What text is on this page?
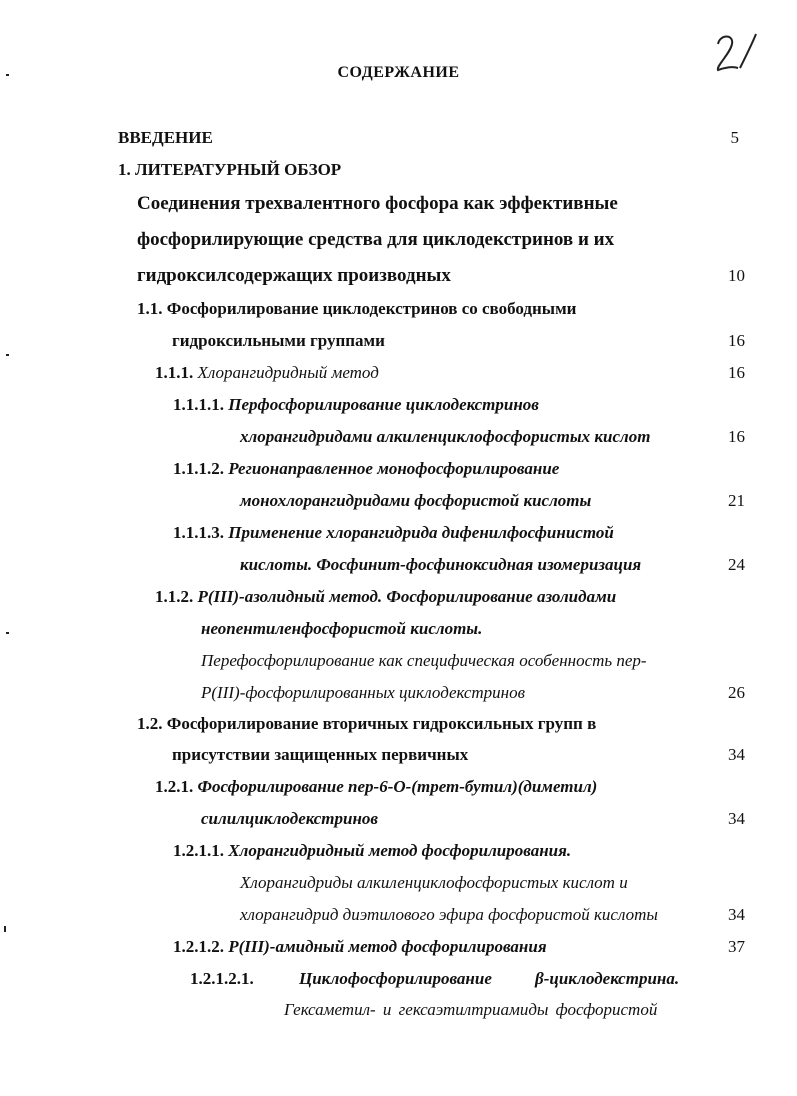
СОДЕРЖАНИЕ
ВВЕДЕНИЕ	5
1. ЛИТЕРАТУРНЫЙ ОБЗОР
Соединения трехвалентного фосфора как эффективные
фосфорилирующие средства для циклодекстринов и их
гидроксилсодержащих производных	10
1.1. Фосфорилирование циклодекстринов со свободными
гидроксильными группами	16
1.1.1. Хлорангидридный метод	16
1.1.1.1. Перфосфорилирование циклодекстринов
хлорангидридами алкиленциклофосфористых кислот	16
1.1.1.2. Регионаправленное монофосфорилирование
монохлорангидридами фосфористой кислоты	21
1.1.1.3. Применение хлорангидрида дифенилфосфинистой
кислоты. Фосфинит-фосфиноксидная изомеризация	24
1.1.2. Р(III)-азолидный метод. Фосфорилирование азолидами
неопентиленфосфористой кислоты.
Перефосфорилирование как специфическая особенность пер-
Р(III)-фосфорилированных циклодекстринов	26
1.2. Фосфорилирование вторичных гидроксильных групп в
присутствии защищенных первичных	34
1.2.1. Фосфорилирование пер-6-О-(трет-бутил)(диметил)
силилциклодекстринов	34
1.2.1.1. Хлорангидридный метод фосфорилирования.
Хлорангидриды алкиленциклофосфористых кислот и
хлорангидрид диэтилового эфира фосфористой кислоты	34
1.2.1.2. Р(III)-амидный метод фосфорилирования	37
1.2.1.2.1.	Циклофосфорилирование	β-циклодекстрина.
Гексаметил- и гексаэтилтриамиды фосфористой
